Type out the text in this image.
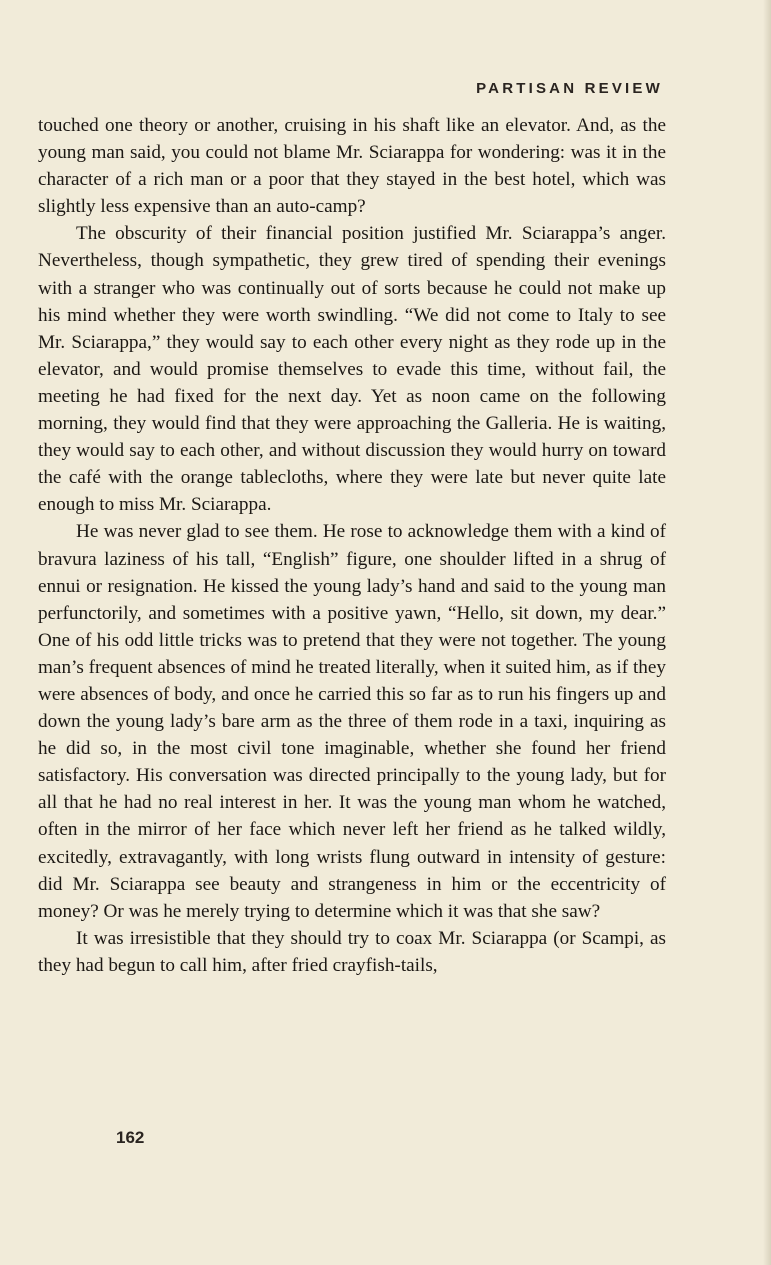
PARTISAN REVIEW

touched one theory or another, cruising in his shaft like an elevator. And, as the young man said, you could not blame Mr. Sciarappa for wondering: was it in the character of a rich man or a poor that they stayed in the best hotel, which was slightly less expensive than an auto-camp?

The obscurity of their financial position justified Mr. Sciarappa’s anger. Nevertheless, though sympathetic, they grew tired of spending their evenings with a stranger who was continually out of sorts because he could not make up his mind whether they were worth swindling. “We did not come to Italy to see Mr. Sciarappa,” they would say to each other every night as they rode up in the elevator, and would promise themselves to evade this time, without fail, the meeting he had fixed for the next day. Yet as noon came on the following morning, they would find that they were approaching the Galleria. He is waiting, they would say to each other, and without discussion they would hurry on toward the café with the orange tablecloths, where they were late but never quite late enough to miss Mr. Sciarappa.

He was never glad to see them. He rose to acknowledge them with a kind of bravura laziness of his tall, “English” figure, one shoulder lifted in a shrug of ennui or resignation. He kissed the young lady’s hand and said to the young man perfunctorily, and sometimes with a positive yawn, “Hello, sit down, my dear.” One of his odd little tricks was to pretend that they were not together. The young man’s frequent absences of mind he treated literally, when it suited him, as if they were absences of body, and once he carried this so far as to run his fingers up and down the young lady’s bare arm as the three of them rode in a taxi, inquiring as he did so, in the most civil tone imaginable, whether she found her friend satisfactory. His conversation was directed principally to the young lady, but for all that he had no real interest in her. It was the young man whom he watched, often in the mirror of her face which never left her friend as he talked wildly, excitedly, extravagantly, with long wrists flung outward in intensity of gesture: did Mr. Sciarappa see beauty and strangeness in him or the eccentricity of money? Or was he merely trying to determine which it was that she saw?

It was irresistible that they should try to coax Mr. Sciarappa (or Scampi, as they had begun to call him, after fried crayfish-tails,

162
